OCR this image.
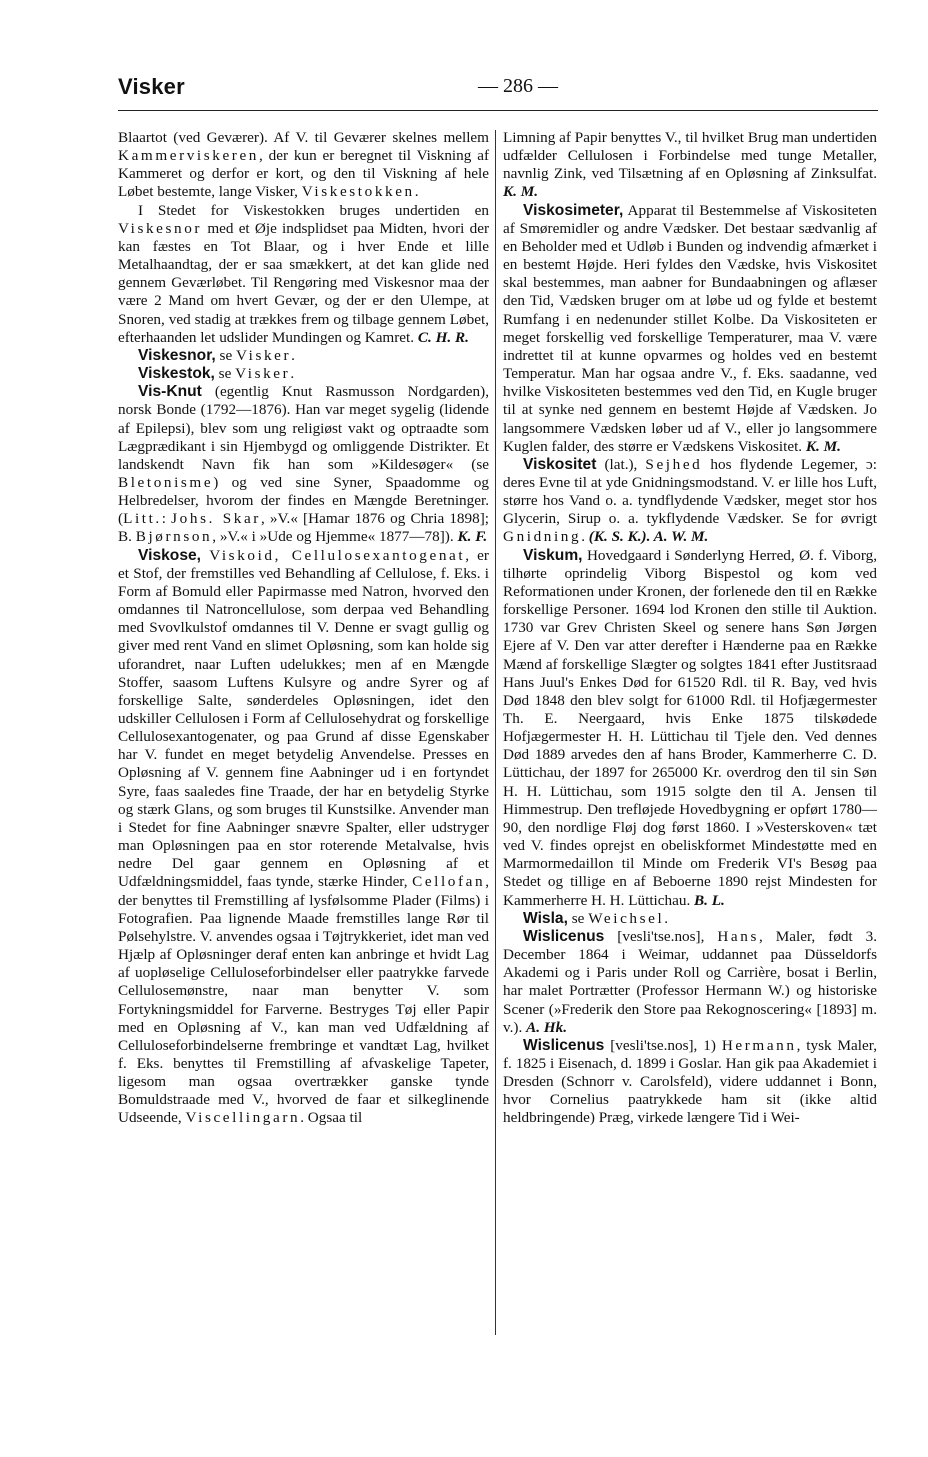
Visker	— 286 —

Blaartot (ved Geværer). Af V. til Geværer skelnes mellem Kammerviskeren, der kun er beregnet til Viskning af Kammeret og derfor er kort, og den til Viskning af hele Løbet bestemte, lange Visker, Viskestokken.

I Stedet for Viskestokken bruges undertiden en Viskesnor med et Øje indsplidset paa Midten, hvori der kan fæstes en Tot Blaar, og i hver Ende et lille Metalhaandtag, der er saa smækkert, at det kan glide ned gennem Geværløbet. Til Rengøring med Viskesnor maa der være 2 Mand om hvert Gevær, og der er den Ulempe, at Snoren, ved stadig at trækkes frem og tilbage gennem Løbet, efterhaanden let udslider Mundingen og Kamret. C. H. R.

Viskesnor, se Visker.

Viskestok, se Visker.

Vis-Knut (egentlig Knut Rasmusson Nordgarden), norsk Bonde (1792—1876). Han var meget sygelig (lidende af Epilepsi), blev som ung religiøst vakt og optraadte som Lægprædikant i sin Hjembygd og omliggende Distrikter. Et landskendt Navn fik han som »Kildesøger« (se Bletonisme) og ved sine Syner, Spaadomme og Helbredelser, hvorom der findes en Mængde Beretninger. (Litt.: Johs. Skar, »V.« [Hamar 1876 og Chria 1898]; B. Bjørnson, »V.« i »Ude og Hjemme« 1877—78]). K. F.

Viskose, Viskoid, Cellulosexantogenat, er et Stof, der fremstilles ved Behandling af Cellulose, f. Eks. i Form af Bomuld eller Papirmasse med Natron, hvorved den omdannes til Natroncellulose, som derpaa ved Behandling med Svovlkulstof omdannes til V. Denne er svagt gullig og giver med rent Vand en slimet Opløsning, som kan holde sig uforandret, naar Luften udelukkes; men af en Mængde Stoffer, saasom Luftens Kulsyre og andre Syrer og af forskellige Salte, sønderdeles Opløsningen, idet den udskiller Cellulosen i Form af Cellulosehydrat og forskellige Cellulosexantogenater, og paa Grund af disse Egenskaber har V. fundet en meget betydelig Anvendelse. Presses en Opløsning af V. gennem fine Aabninger ud i en fortyndet Syre, faas saaledes fine Traade, der har en betydelig Styrke og stærk Glans, og som bruges til Kunstsilke. Anvender man i Stedet for fine Aabninger snævre Spalter, eller udstryger man Opløsningen paa en stor roterende Metalvalse, hvis nedre Del gaar gennem en Opløsning af et Udfældningsmiddel, faas tynde, stærke Hinder, Cellofan, der benyttes til Fremstilling af lysfølsomme Plader (Films) i Fotografien. Paa lignende Maade fremstilles lange Rør til Pølsehylstre. V. anvendes ogsaa i Tøjtrykkeriet, idet man ved Hjælp af Opløsninger deraf enten kan anbringe et hvidt Lag af uopløselige Celluloseforbindelser eller paatrykke farvede Cellulosemønstre, naar man benytter V. som Fortykningsmiddel for Farverne. Bestryges Tøj eller Papir med en Opløsning af V., kan man ved Udfældning af Celluloseforbindelserne frembringe et vandtæt Lag, hvilket f. Eks. benyttes til Fremstilling af afvaskelige Tapeter, ligesom man ogsaa overtrækker ganske tynde Bomuldstraade med V., hvorved de faar et silkeglinende Udseende, Viscellingarn. Ogsaa til

Limning af Papir benyttes V., til hvilket Brug man undertiden udfælder Cellulosen i Forbindelse med tunge Metaller, navnlig Zink, ved Tilsætning af en Opløsning af Zinksulfat. K. M.

Viskosimeter, Apparat til Bestemmelse af Viskositeten af Smøremidler og andre Vædsker. Det bestaar sædvanlig af en Beholder med et Udløb i Bunden og indvendig afmærket i en bestemt Højde. Heri fyldes den Vædske, hvis Viskositet skal bestemmes, man aabner for Bundaabningen og aflæser den Tid, Vædsken bruger om at løbe ud og fylde et bestemt Rumfang i en nedenunder stillet Kolbe. Da Viskositeten er meget forskellig ved forskellige Temperaturer, maa V. være indrettet til at kunne opvarmes og holdes ved en bestemt Temperatur. Man har ogsaa andre V., f. Eks. saadanne, ved hvilke Viskositeten bestemmes ved den Tid, en Kugle bruger til at synke ned gennem en bestemt Højde af Vædsken. Jo langsommere Vædsken løber ud af V., eller jo langsommere Kuglen falder, des større er Vædskens Viskositet. K. M.

Viskositet (lat.), Sejhed hos flydende Legemer, ɔ: deres Evne til at yde Gnidningsmodstand. V. er lille hos Luft, større hos Vand o. a. tyndflydende Vædsker, meget stor hos Glycerin, Sirup o. a. tykflydende Vædsker. Se for øvrigt Gnidning. (K. S. K.). A. W. M.

Viskum, Hovedgaard i Sønderlyng Herred, Ø. f. Viborg, tilhørte oprindelig Viborg Bispestol og kom ved Reformationen under Kronen, der forlenede den til en Række forskellige Personer. 1694 lod Kronen den stille til Auktion. 1730 var Grev Christen Skeel og senere hans Søn Jørgen Ejere af V. Den var atter derefter i Hænderne paa en Række Mænd af forskellige Slægter og solgtes 1841 efter Justitsraad Hans Juul's Enkes Død for 61520 Rdl. til R. Bay, ved hvis Død 1848 den blev solgt for 61000 Rdl. til Hofjægermester Th. E. Neergaard, hvis Enke 1875 tilskødede Hofjægermester H. H. Lüttichau til Tjele den. Ved dennes Død 1889 arvedes den af hans Broder, Kammerherre C. D. Lüttichau, der 1897 for 265000 Kr. overdrog den til sin Søn H. H. Lüttichau, som 1915 solgte den til A. Jensen til Himmestrup. Den trefløjede Hovedbygning er opført 1780—90, den nordlige Fløj dog først 1860. I »Vesterskoven« tæt ved V. findes oprejst en obeliskformet Mindestøtte med en Marmormedaillon til Minde om Frederik VI's Besøg paa Stedet og tillige en af Beboerne 1890 rejst Mindesten for Kammerherre H. H. Lüttichau. B. L.

Wisla, se Weichsel.

Wislicenus [vesli'tse.nos], Hans, Maler, født 3. December 1864 i Weimar, uddannet paa Düsseldorfs Akademi og i Paris under Roll og Carrière, bosat i Berlin, har malet Portrætter (Professor Hermann W.) og historiske Scener (»Frederik den Store paa Rekognoscering« [1893] m. v.). A. Hk.

Wislicenus [vesli'tse.nos], 1) Hermann, tysk Maler, f. 1825 i Eisenach, d. 1899 i Goslar. Han gik paa Akademiet i Dresden (Schnorr v. Carolsfeld), videre uddannet i Bonn, hvor Cornelius paatrykkede ham sit (ikke altid heldbringende) Præg, virkede længere Tid i Wei-
